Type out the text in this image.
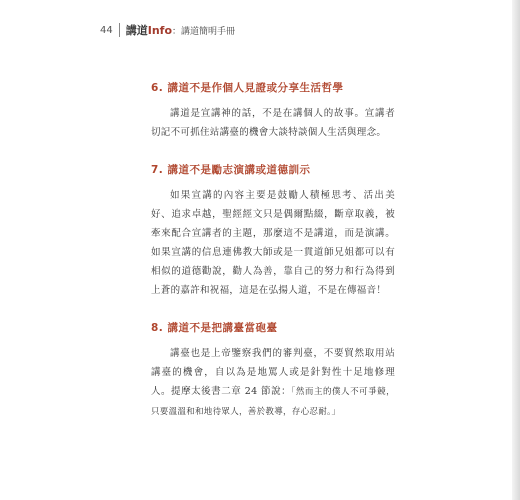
44 講道Info：講道簡明手冊
6. 講道不是作個人見證或分享生活哲學

講道是宣講神的話，不是在講個人的故事。宣講者切記不可抓住站講臺的機會大談特談個人生活與理念。

7. 講道不是勵志演講或道德訓示

如果宣講的內容主要是鼓勵人積極思考、活出美好、追求卓越，聖經經文只是偶爾點綴，斷章取義，被牽來配合宣講者的主題，那麼這不是講道，而是演講。如果宣講的信息連佛教大師或是一貫道師兄姐都可以有相似的道德勸說，勸人為善，靠自己的努力和行為得到上蒼的嘉許和祝福，這是在弘揚人道，不是在傳福音！

8. 講道不是把講臺當砲臺

講臺也是上帝鑒察我們的審判臺，不要貿然取用站講臺的機會，自以為是地罵人或是針對性十足地修理人。提摩太後書二章 24 節說：「然而主的僕人不可爭競，只要溫溫和和地待眾人，善於教導，存心忍耐。」
